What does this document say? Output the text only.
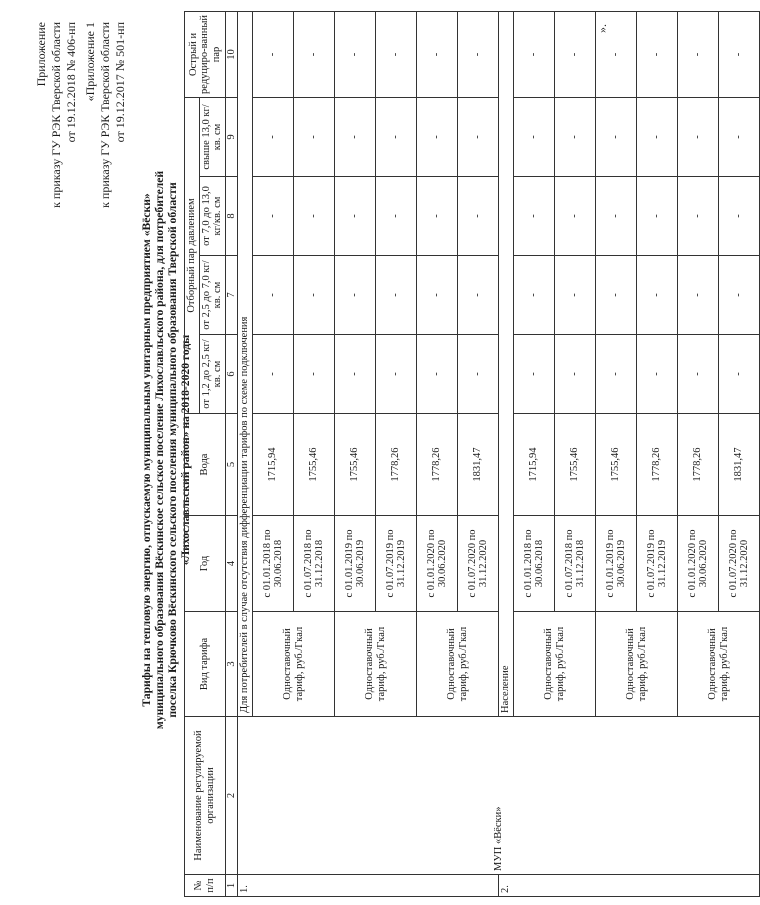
Приложение к приказу ГУ РЭК Тверской области от 19.12.2018 № 406-нп «Приложение 1 к приказу ГУ РЭК Тверской области от 19.12.2017 № 501-нп
Тарифы на тепловую энергию, отпускаемую муниципальным унитарным предприятием «Вёски» муниципального образования Вёскинское сельское поселение Лихославльского района, для потребителей поселка Крючково Вёскинского сельского поселения муниципального образования Тверской области «Лихославльский район» на 2018-2020 годы
№ п/п	Наименование регулируемой организации	Вид тарифа	Год	Вода	Отборный пар давлением				Острый и редуциро-ванный пар
					от 1,2 до 2,5 кг/кв. см	от 2,5 до 7,0 кг/кв. см	от 7,0 до 13,0 кг/кв. см	свыше 13,0 кг/кв. см	
1	2	3	4	5	6	7	8	9	10
1.	МУП «Вёски»	Для потребителей в случае отсутствия дифференциации тарифов по схеме подключения							
		Одноставочный тариф, руб./Гкал	с 01.01.2018 по 30.06.2018	1715,94	-	-	-	-	-
			с 01.07.2018 по 31.12.2018	1755,46	-	-	-	-	-
		Одноставочный тариф, руб./Гкал	с 01.01.2019 по 30.06.2019	1755,46	-	-	-	-	-
			с 01.07.2019 по 31.12.2019	1778,26	-	-	-	-	-
		Одноставочный тариф, руб./Гкал	с 01.01.2020 по 30.06.2020	1778,26	-	-	-	-	-
			с 01.07.2020 по 31.12.2020	1831,47	-	-	-	-	-
2.		Население							
		Одноставочный тариф, руб./Гкал	с 01.01.2018 по 30.06.2018	1715,94	-	-	-	-	-
			с 01.07.2018 по 31.12.2018	1755,46	-	-	-	-	-
		Одноставочный тариф, руб./Гкал	с 01.01.2019 по 30.06.2019	1755,46	-	-	-	-	-
			с 01.07.2019 по 31.12.2019	1778,26	-	-	-	-	-
		Одноставочный тариф, руб./Гкал	с 01.01.2020 по 30.06.2020	1778,26	-	-	-	-	-
			с 01.07.2020 по 31.12.2020	1831,47	-	-	-	-	-
».
